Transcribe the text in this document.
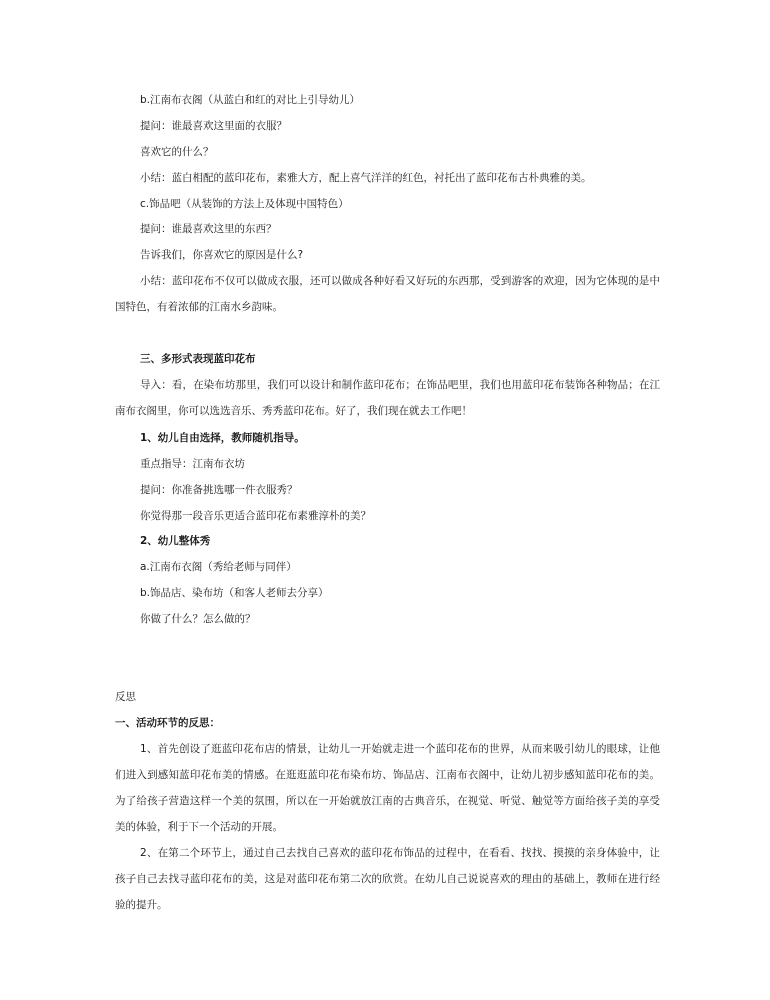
b.江南布衣阁（从蓝白和红的对比上引导幼儿）
提问：谁最喜欢这里面的衣服？
喜欢它的什么？
小结：蓝白相配的蓝印花布，素雅大方，配上喜气洋洋的红色，衬托出了蓝印花布古朴典雅的美。
c.饰品吧（从装饰的方法上及体现中国特色）
提问：谁最喜欢这里的东西？
告诉我们，你喜欢它的原因是什么?
小结：蓝印花布不仅可以做成衣服，还可以做成各种好看又好玩的东西那，受到游客的欢迎，因为它体现的是中国特色，有着浓郁的江南水乡韵味。
三、多形式表现蓝印花布
导入：看，在染布坊那里，我们可以设计和制作蓝印花布；在饰品吧里，我们也用蓝印花布装饰各种物品；在江南布衣阁里，你可以选选音乐、秀秀蓝印花布。好了，我们现在就去工作吧！
1、幼儿自由选择，教师随机指导。
重点指导：江南布衣坊
提问：你准备挑选哪一件衣服秀？
你觉得那一段音乐更适合蓝印花布素雅淳朴的美？
2、幼儿整体秀
a.江南布衣阁（秀给老师与同伴）
b.饰品店、染布坊（和客人老师去分享）
你做了什么？怎么做的？
反思
一、活动环节的反思：
1、首先创设了逛蓝印花布店的情景，让幼儿一开始就走进一个蓝印花布的世界，从而来吸引幼儿的眼球，让他们进入到感知蓝印花布美的情感。在逛逛蓝印花布染布坊、饰品店、江南布衣阁中，让幼儿初步感知蓝印花布的美。为了给孩子营造这样一个美的氛围，所以在一开始就放江南的古典音乐，在视觉、听觉、触觉等方面给孩子美的享受美的体验，利于下一个活动的开展。
2、在第二个环节上，通过自己去找自己喜欢的蓝印花布饰品的过程中，在看看、找找、摸摸的亲身体验中，让孩子自己去找寻蓝印花布的美，这是对蓝印花布第二次的欣赏。在幼儿自己说说喜欢的理由的基础上，教师在进行经验的提升。
